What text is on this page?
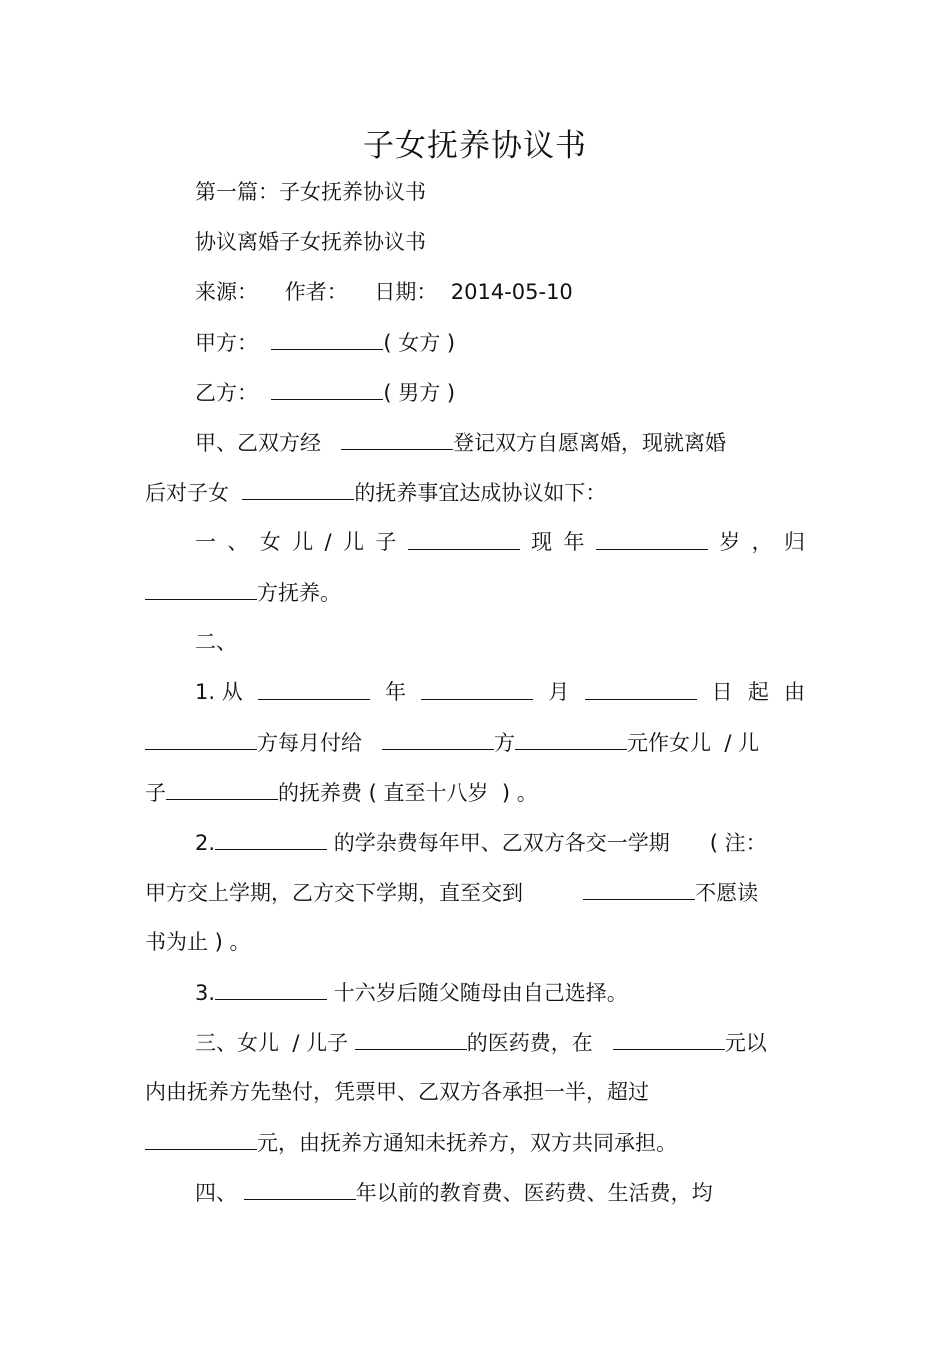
子女抚养协议书
第一篇：子女抚养协议书
协议离婚子女抚养协议书
来源：    作者：    日期：  2014-05-10
甲方：	( 女方 )
乙方：	( 男方 )
甲、乙双方经	登记双方自愿离婚，现就离婚
后对子女	的抚养事宜达成协议如下：
一 、 女 儿 / 儿 子	现 年	岁 ， 归
方抚养。
二、
1. 从	年	月	日 起 由
方每月付给	方	元作女儿  / 儿
子	的抚养费 ( 直至十八岁  ) 。
2.	的学杂费每年甲、乙双方各交一学期      ( 注：
甲方交上学期，乙方交下学期，直至交到	不愿读
书为止 ) 。
3.	十六岁后随父随母由自己选择。
三、女儿  / 儿子	的医药费，在	元以
内由抚养方先垫付，凭票甲、乙双方各承担一半，超过
元，由抚养方通知未抚养方，双方共同承担。
四、	年以前的教育费、医药费、生活费，均
